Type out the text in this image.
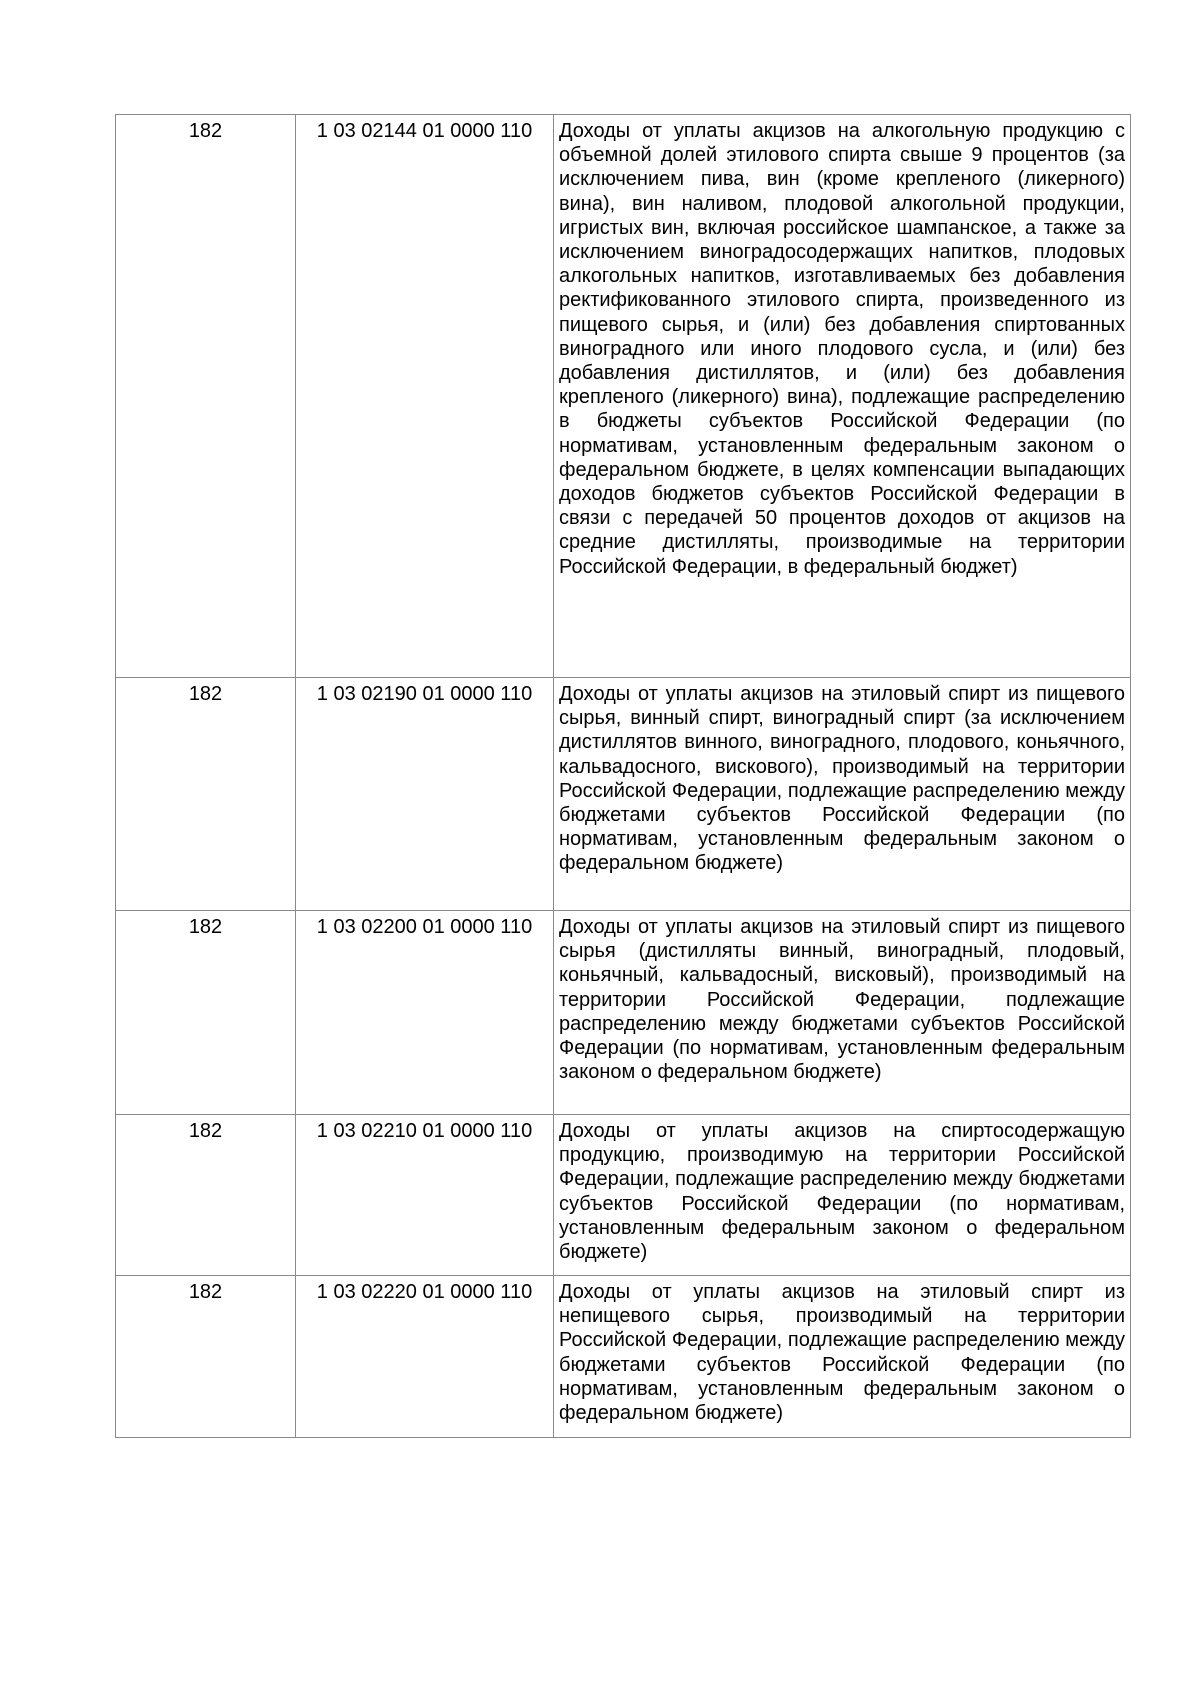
182	1 03 02144 01 0000 110	Доходы от уплаты акцизов на алкогольную продукцию с объемной долей этилового спирта свыше 9 процентов (за исключением пива, вин (кроме крепленого (ликерного) вина), вин наливом, плодовой алкогольной продукции, игристых вин, включая российское шампанское, а также за исключением виноградосодержащих напитков, плодовых алкогольных напитков, изготавливаемых без добавления ректификованного этилового спирта, произведенного из пищевого сырья, и (или) без добавления спиртованных виноградного или иного плодового сусла, и (или) без добавления дистиллятов, и (или) без добавления крепленого (ликерного) вина), подлежащие распределению в бюджеты субъектов Российской Федерации (по нормативам, установленным федеральным законом о федеральном бюджете, в целях компенсации выпадающих доходов бюджетов субъектов Российской Федерации в связи с передачей 50 процентов доходов от акцизов на средние дистилляты, производимые на территории Российской Федерации, в федеральный бюджет)
182	1 03 02190 01 0000 110	Доходы от уплаты акцизов на этиловый спирт из пищевого сырья, винный спирт, виноградный спирт (за исключением дистиллятов винного, виноградного, плодового, коньячного, кальвадосного, вискового), производимый на территории Российской Федерации, подлежащие распределению между бюджетами субъектов Российской Федерации (по нормативам, установленным федеральным законом о федеральном бюджете)
182	1 03 02200 01 0000 110	Доходы от уплаты акцизов на этиловый спирт из пищевого сырья (дистилляты винный, виноградный, плодовый, коньячный, кальвадосный, висковый), производимый на территории Российской Федерации, подлежащие распределению между бюджетами субъектов Российской Федерации (по нормативам, установленным федеральным законом о федеральном бюджете)
182	1 03 02210 01 0000 110	Доходы от уплаты акцизов на спиртосодержащую продукцию, производимую на территории Российской Федерации, подлежащие распределению между бюджетами субъектов Российской Федерации (по нормативам, установленным федеральным законом о федеральном бюджете)
182	1 03 02220 01 0000 110	Доходы от уплаты акцизов на этиловый спирт из непищевого сырья, производимый на территории Российской Федерации, подлежащие распределению между бюджетами субъектов Российской Федерации (по нормативам, установленным федеральным законом о федеральном бюджете)
